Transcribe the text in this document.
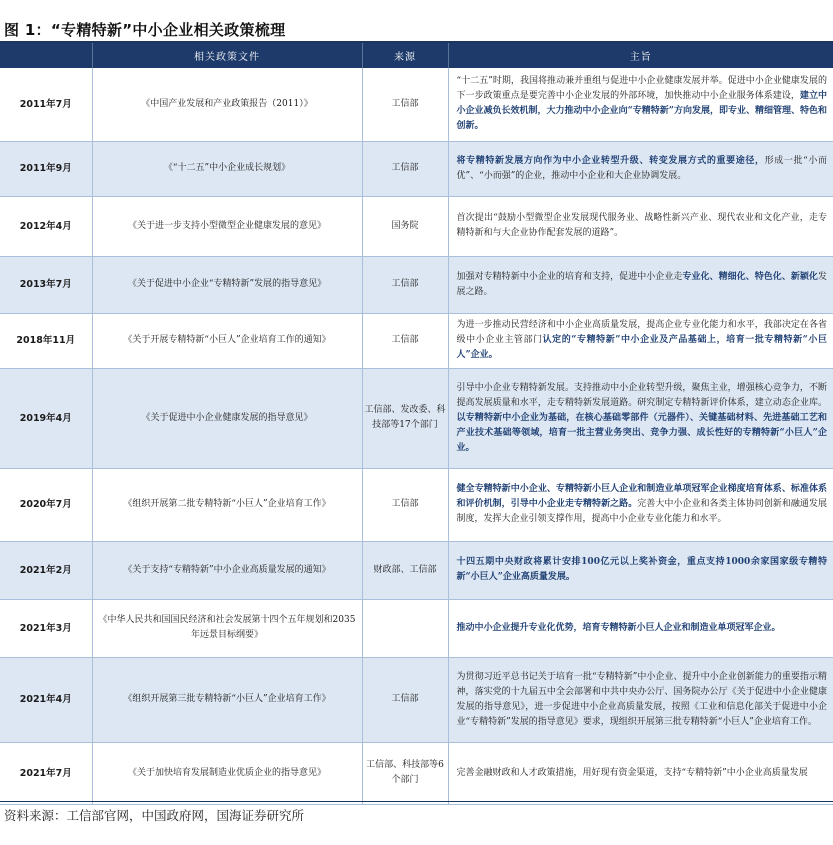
图 1：“专精特新”中小企业相关政策梳理
	相关政策文件	来源	主旨
2011年7月	《中国产业发展和产业政策报告（2011）》	工信部	“十二五”时期，我国将推动兼并重组与促进中小企业健康发展并举。促进中小企业健康发展的下一步政策重点是要完善中小企业发展的外部环境，加快推动中小企业服务体系建设，建立中小企业减负长效机制，大力推动中小企业向“专精特新”方向发展，即专业、精细管理、特色和创新。
2011年9月	《“十二五”中小企业成长规划》	工信部	将专精特新发展方向作为中小企业转型升级、转变发展方式的重要途径，形成一批“小而优”、“小而强”的企业，推动中小企业和大企业协调发展。
2012年4月	《关于进一步支持小型微型企业健康发展的意见》	国务院	首次提出“鼓励小型微型企业发展现代服务业、战略性新兴产业、现代农业和文化产业，走专精特新和与大企业协作配套发展的道路”。
2013年7月	《关于促进中小企业“专精特新”发展的指导意见》	工信部	加强对专精特新中小企业的培育和支持，促进中小企业走专业化、精细化、特色化、新颖化发展之路。
2018年11月	《关于开展专精特新“小巨人”企业培育工作的通知》	工信部	为进一步推动民营经济和中小企业高质量发展，提高企业专业化能力和水平，我部决定在各省级中小企业主管部门认定的“专精特新”中小企业及产品基础上，培育一批专精特新“小巨人”企业。
2019年4月	《关于促进中小企业健康发展的指导意见》	工信部、发改委、科技部等17个部门	引导中小企业专精特新发展。支持推动中小企业转型升级，聚焦主业，增强核心竞争力，不断提高发展质量和水平，走专精特新发展道路。研究制定专精特新评价体系，建立动态企业库。以专精特新中小企业为基础，在核心基础零部件（元器件）、关键基础材料、先进基础工艺和产业技术基础等领域，培育一批主营业务突出、竞争力强、成长性好的专精特新“小巨人”企业。
2020年7月	《组织开展第二批专精特新“小巨人”企业培育工作》	工信部	健全专精特新中小企业、专精特新小巨人企业和制造业单项冠军企业梯度培育体系、标准体系和评价机制，引导中小企业走专精特新之路。完善大中小企业和各类主体协同创新和融通发展制度，发挥大企业引领支撑作用，提高中小企业专业化能力和水平。
2021年2月	《关于支持“专精特新”中小企业高质量发展的通知》	财政部、工信部	十四五期中央财政将累计安排100亿元以上奖补资金，重点支持1000余家国家级专精特新“小巨人”企业高质量发展。
2021年3月	《中华人民共和国国民经济和社会发展第十四个五年规划和2035年远景目标纲要》		推动中小企业提升专业化优势，培育专精特新小巨人企业和制造业单项冠军企业。
2021年4月	《组织开展第三批专精特新“小巨人”企业培育工作》	工信部	为贯彻习近平总书记关于培育一批“专精特新”中小企业、提升中小企业创新能力的重要指示精神，落实党的十九届五中全会部署和中共中央办公厅、国务院办公厅《关于促进中小企业健康发展的指导意见》，进一步促进中小企业高质量发展，按照《工业和信息化部关于促进中小企业“专精特新”发展的指导意见》要求，现组织开展第三批专精特新“小巨人”企业培育工作。
2021年7月	《关于加快培育发展制造业优质企业的指导意见》	工信部、科技部等6个部门	完善金融财政和人才政策措施，用好现有资金渠道，支持“专精特新”中小企业高质量发展
资料来源：工信部官网，中国政府网，国海证券研究所
